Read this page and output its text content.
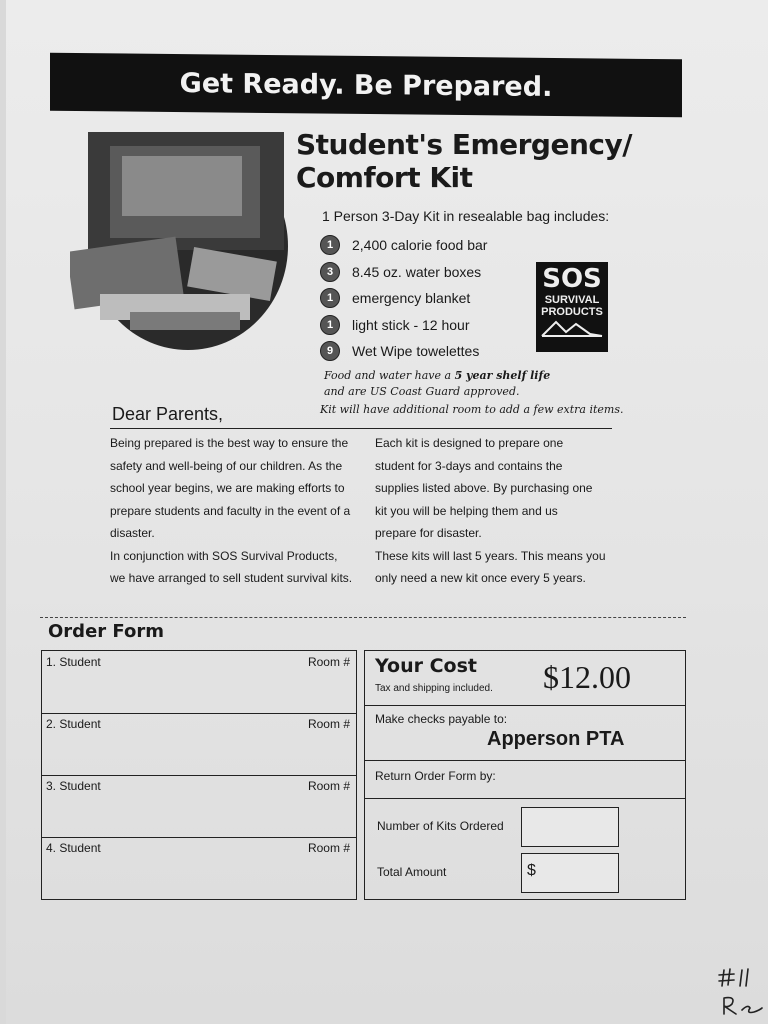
Get Ready. Be Prepared.
Student's Emergency/
Comfort Kit
1 Person 3-Day Kit in resealable bag includes:
1	2,400 calorie food bar
3	8.45 oz. water boxes
1	emergency blanket
1	light stick - 12 hour
9	Wet Wipe towelettes
SOS
SURVIVAL
PRODUCTS
Food and water have a 5 year shelf life
and are US Coast Guard approved.
Kit will have additional room to add a few extra items.
Dear Parents,
Being prepared is the best way to ensure the
safety and well-being of our children. As the
school year begins, we are making efforts to
prepare students and faculty in the event of a
disaster.
In conjunction with SOS Survival Products,
we have arranged to sell student survival kits.
Each kit is designed to prepare one
student for 3-days and contains the
supplies listed above. By purchasing one
kit you will be helping them and us
prepare for disaster.
These kits will last 5 years. This means you
only need a new kit once every 5 years.
Order Form
1. Student	Room #
2. Student	Room #
3. Student	Room #
4. Student	Room #
Your Cost
Tax and shipping included. $12.00
Make checks payable to:
Apperson PTA
Return Order Form by:
Number of Kits Ordered
Total Amount	$
